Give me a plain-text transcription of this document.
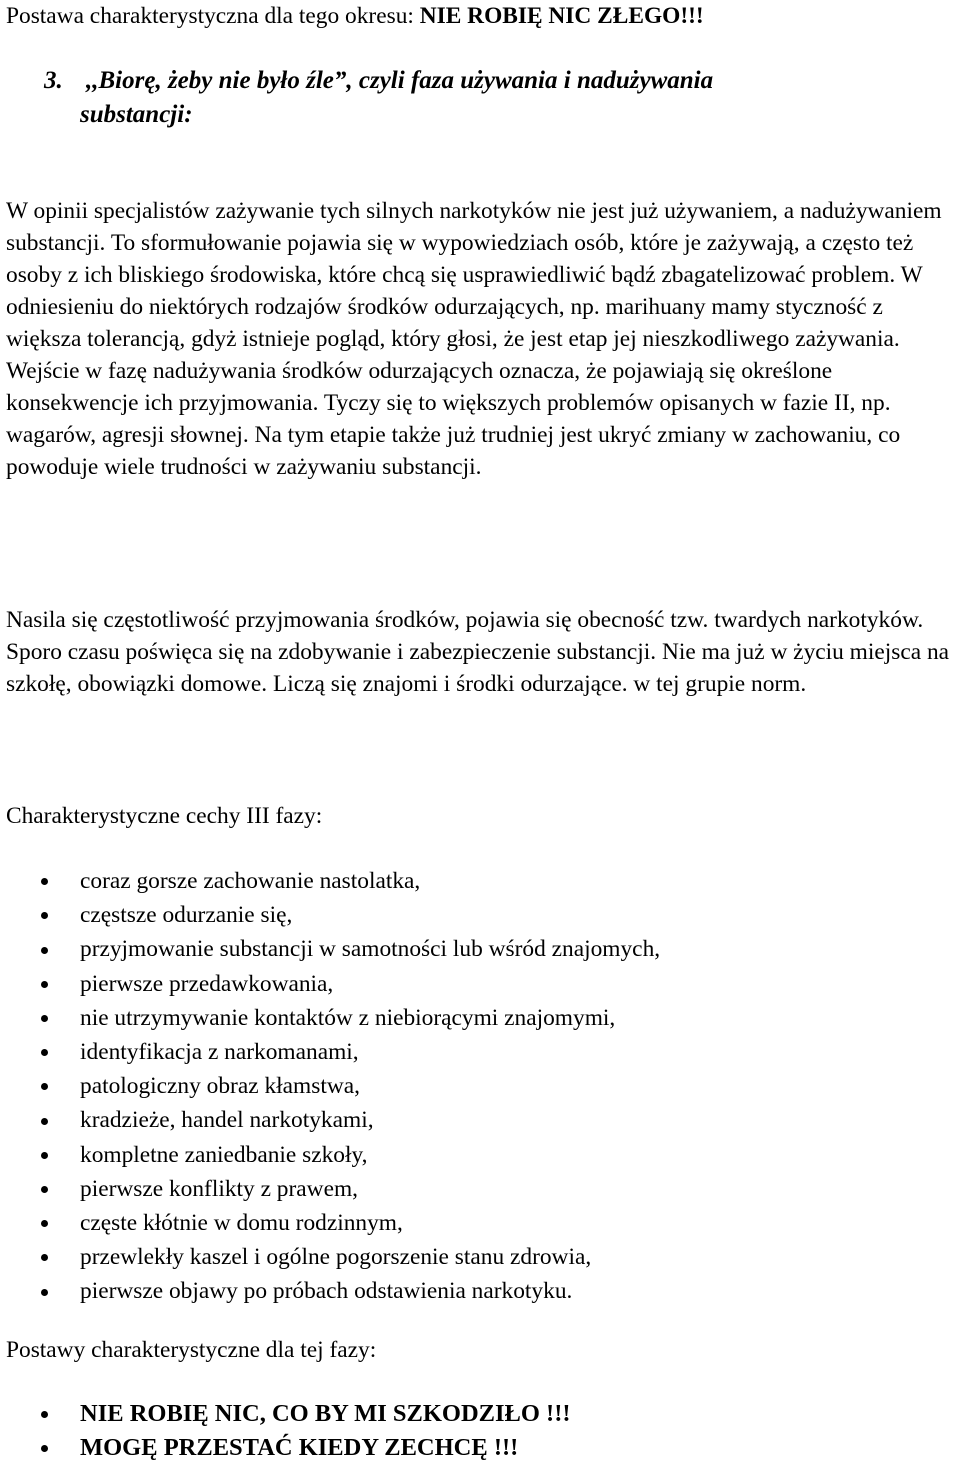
Postawa charakterystyczna dla tego okresu: NIE ROBIĘ NIC ZŁEGO!!!

3. ,,Biorę, żeby nie było źle”, czyli faza używania i nadużywania
substancji:

W opinii specjalistów zażywanie tych silnych narkotyków nie jest już używaniem, a nadużywaniem substancji. To sformułowanie pojawia się w wypowiedziach osób, które je zażywają, a często też osoby z ich bliskiego środowiska, które chcą się usprawiedliwić bądź zbagatelizować problem. W odniesieniu do niektórych rodzajów środków odurzających, np. marihuany mamy styczność z większa tolerancją, gdyż istnieje pogląd, który głosi, że jest etap jej nieszkodliwego zażywania. Wejście w fazę nadużywania środków odurzających oznacza, że pojawiają się określone konsekwencje ich przyjmowania. Tyczy się to większych problemów opisanych w fazie II, np. wagarów, agresji słownej. Na tym etapie także już trudniej jest ukryć zmiany w zachowaniu, co powoduje wiele trudności w zażywaniu substancji.

Nasila się częstotliwość przyjmowania środków, pojawia się obecność tzw. twardych narkotyków. Sporo czasu poświęca się na zdobywanie i zabezpieczenie substancji. Nie ma już w życiu miejsca na szkołę, obowiązki domowe. Liczą się znajomi i środki odurzające. w tej grupie norm.

Charakterystyczne cechy III fazy:

coraz gorsze zachowanie nastolatka,
częstsze odurzanie się,
przyjmowanie substancji w samotności lub wśród znajomych,
pierwsze przedawkowania,
nie utrzymywanie kontaktów z niebiorącymi znajomymi,
identyfikacja z narkomanami,
patologiczny obraz kłamstwa,
kradzieże, handel narkotykami,
kompletne zaniedbanie szkoły,
pierwsze konflikty z prawem,
częste kłótnie w domu rodzinnym,
przewlekły kaszel i ogólne pogorszenie stanu zdrowia,
pierwsze objawy po próbach odstawienia narkotyku.

Postawy charakterystyczne dla tej fazy:

NIE ROBIĘ NIC, CO BY MI SZKODZIŁO !!!
MOGĘ PRZESTAĆ KIEDY ZECHCĘ !!!
